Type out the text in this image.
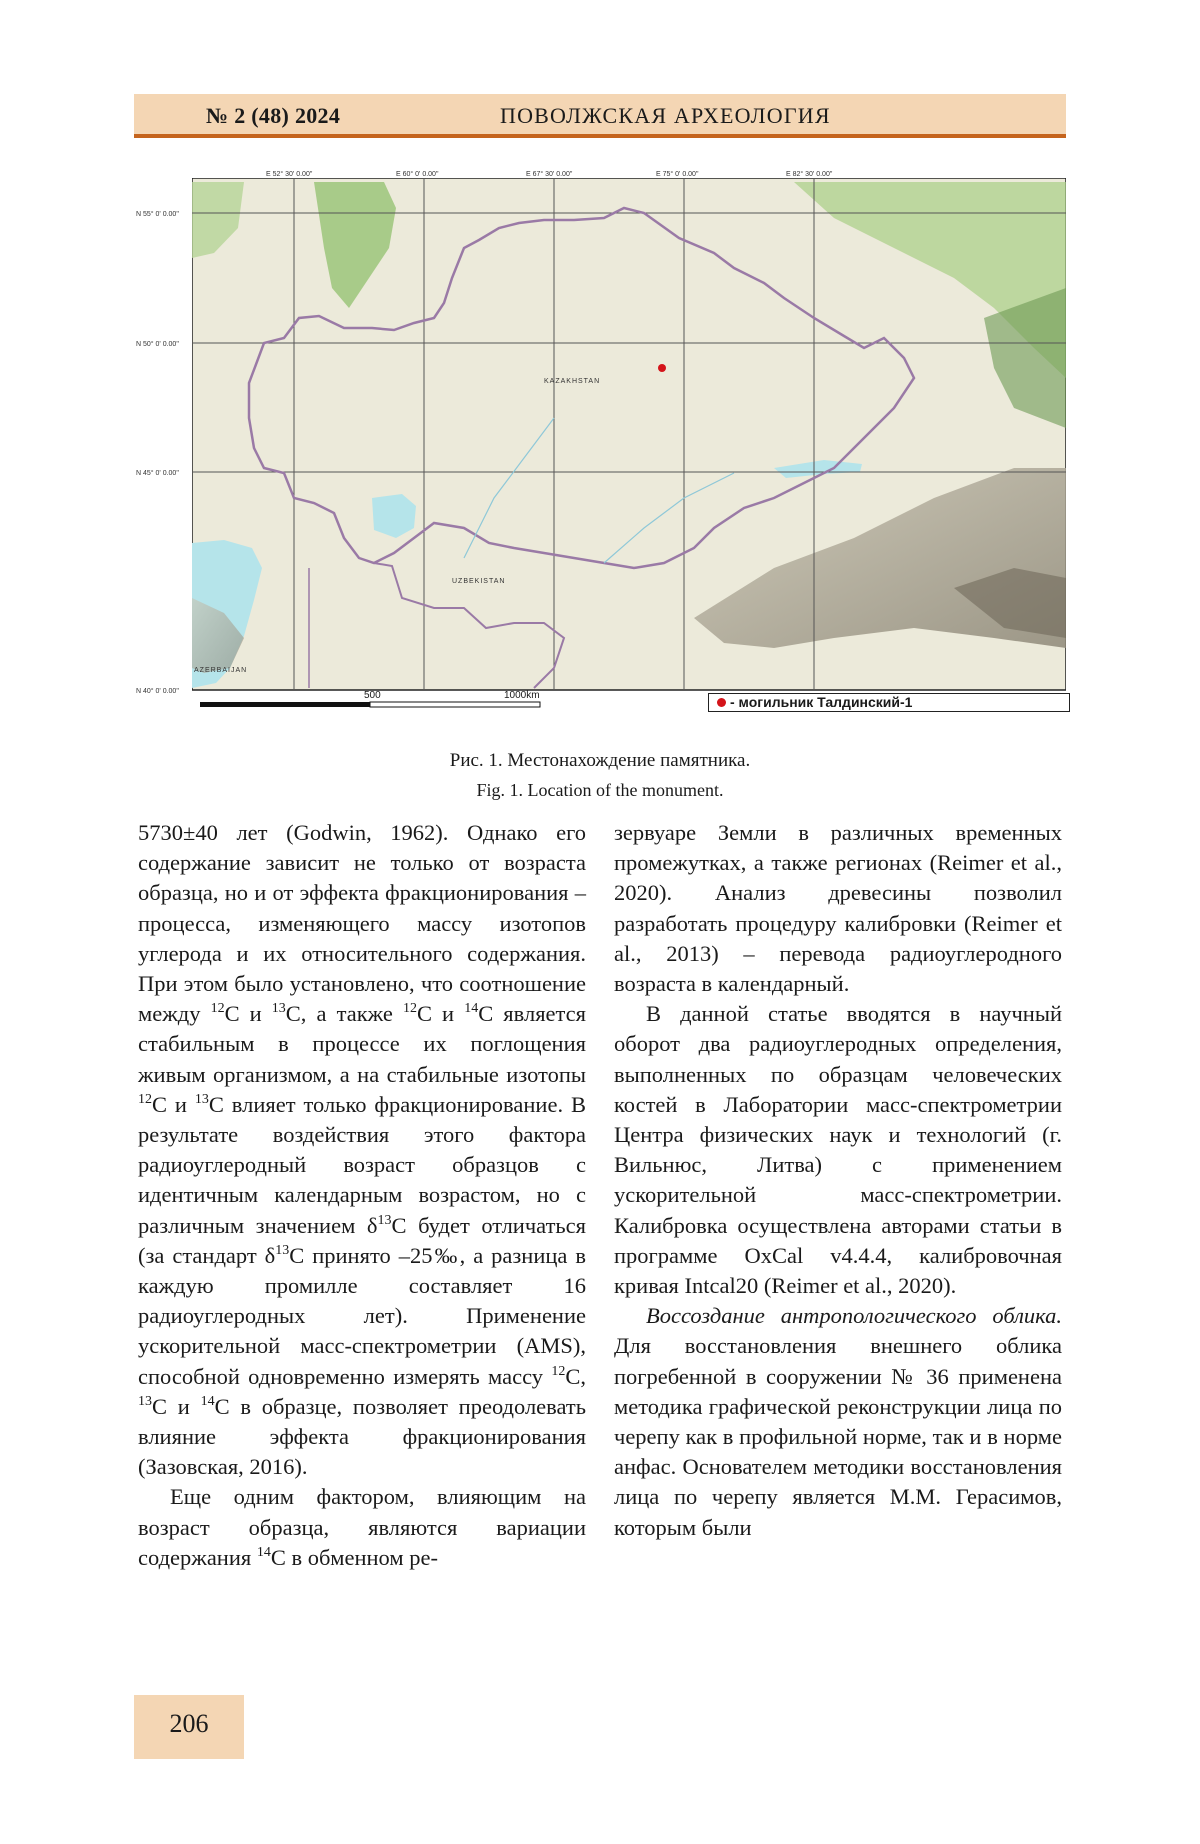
№ 2 (48) 2024	ПОВОЛЖСКАЯ АРХЕОЛОГИЯ
KAZAKHSTAN
UZBEKISTAN
AZERBAIJAN
E 52° 30' 0.00"	E 60° 0' 0.00"	E 67° 30' 0.00"	E 75° 0' 0.00"	E 82° 30' 0.00"
N 55° 0' 0.00"
N 50° 0' 0.00"
N 45° 0' 0.00"
N 40° 0' 0.00"	500	1000km	- могильник Талдинский-1
Рис. 1. Местонахождение памятника.
Fig. 1. Location of the monument.

5730±40 лет (Godwin, 1962). Однако его содержание зависит не только от возраста образца, но и от эффекта фракционирования – процесса, изменяющего массу изотопов углерода и их относительного содержания. При этом было установлено, что соотношение между $^{12}$C и $^{13}$C, а также $^{12}$C и $^{14}$C является стабильным в процессе их поглощения живым организмом, а на стабильные изотопы $^{12}$C и $^{13}$C влияет только фракционирование. В результате воздействия этого фактора радиоуглеродный возраст образцов с идентичным календарным возрастом, но с различным значением $\delta^{13}C$ будет отличаться (за стандарт $\delta^{13}C$ принято –25‰, а разница в каждую промилле составляет 16 радиоуглеродных лет). Применение ускорительной масс-спектрометрии (AMS), способной одновременно измерять массу $^{12}$C, $^{13}$C и $^{14}$C в образце, позволяет преодолевать влияние эффекта фракционирования (Зазовская, 2016).

Еще одним фактором, влияющим на возраст образца, являются вариации содержания $^{14}$C в обменном ре-

зервуаре Земли в различных временных промежутках, а также регионах (Reimer et al., 2020). Анализ древесины позволил разработать процедуру калибровки (Reimer et al., 2013) – перевода радиоуглеродного возраста в календарный.

В данной статье вводятся в научный оборот два радиоуглеродных определения, выполненных по образцам человеческих костей в Лаборатории масс-спектрометрии Центра физических наук и технологий (г. Вильнюс, Литва) с применением ускорительной масс-спектрометрии. Калибровка осуществлена авторами статьи в программе OxCal v4.4.4, калибровочная кривая Intcal20 (Reimer et al., 2020).

Воссоздание антропологического облика. Для восстановления внешнего облика погребенной в сооружении № 36 применена методика графической реконструкции лица по черепу как в профильной норме, так и в норме анфас. Основателем методики восстановления лица по черепу является М.М. Герасимов, которым были

206
